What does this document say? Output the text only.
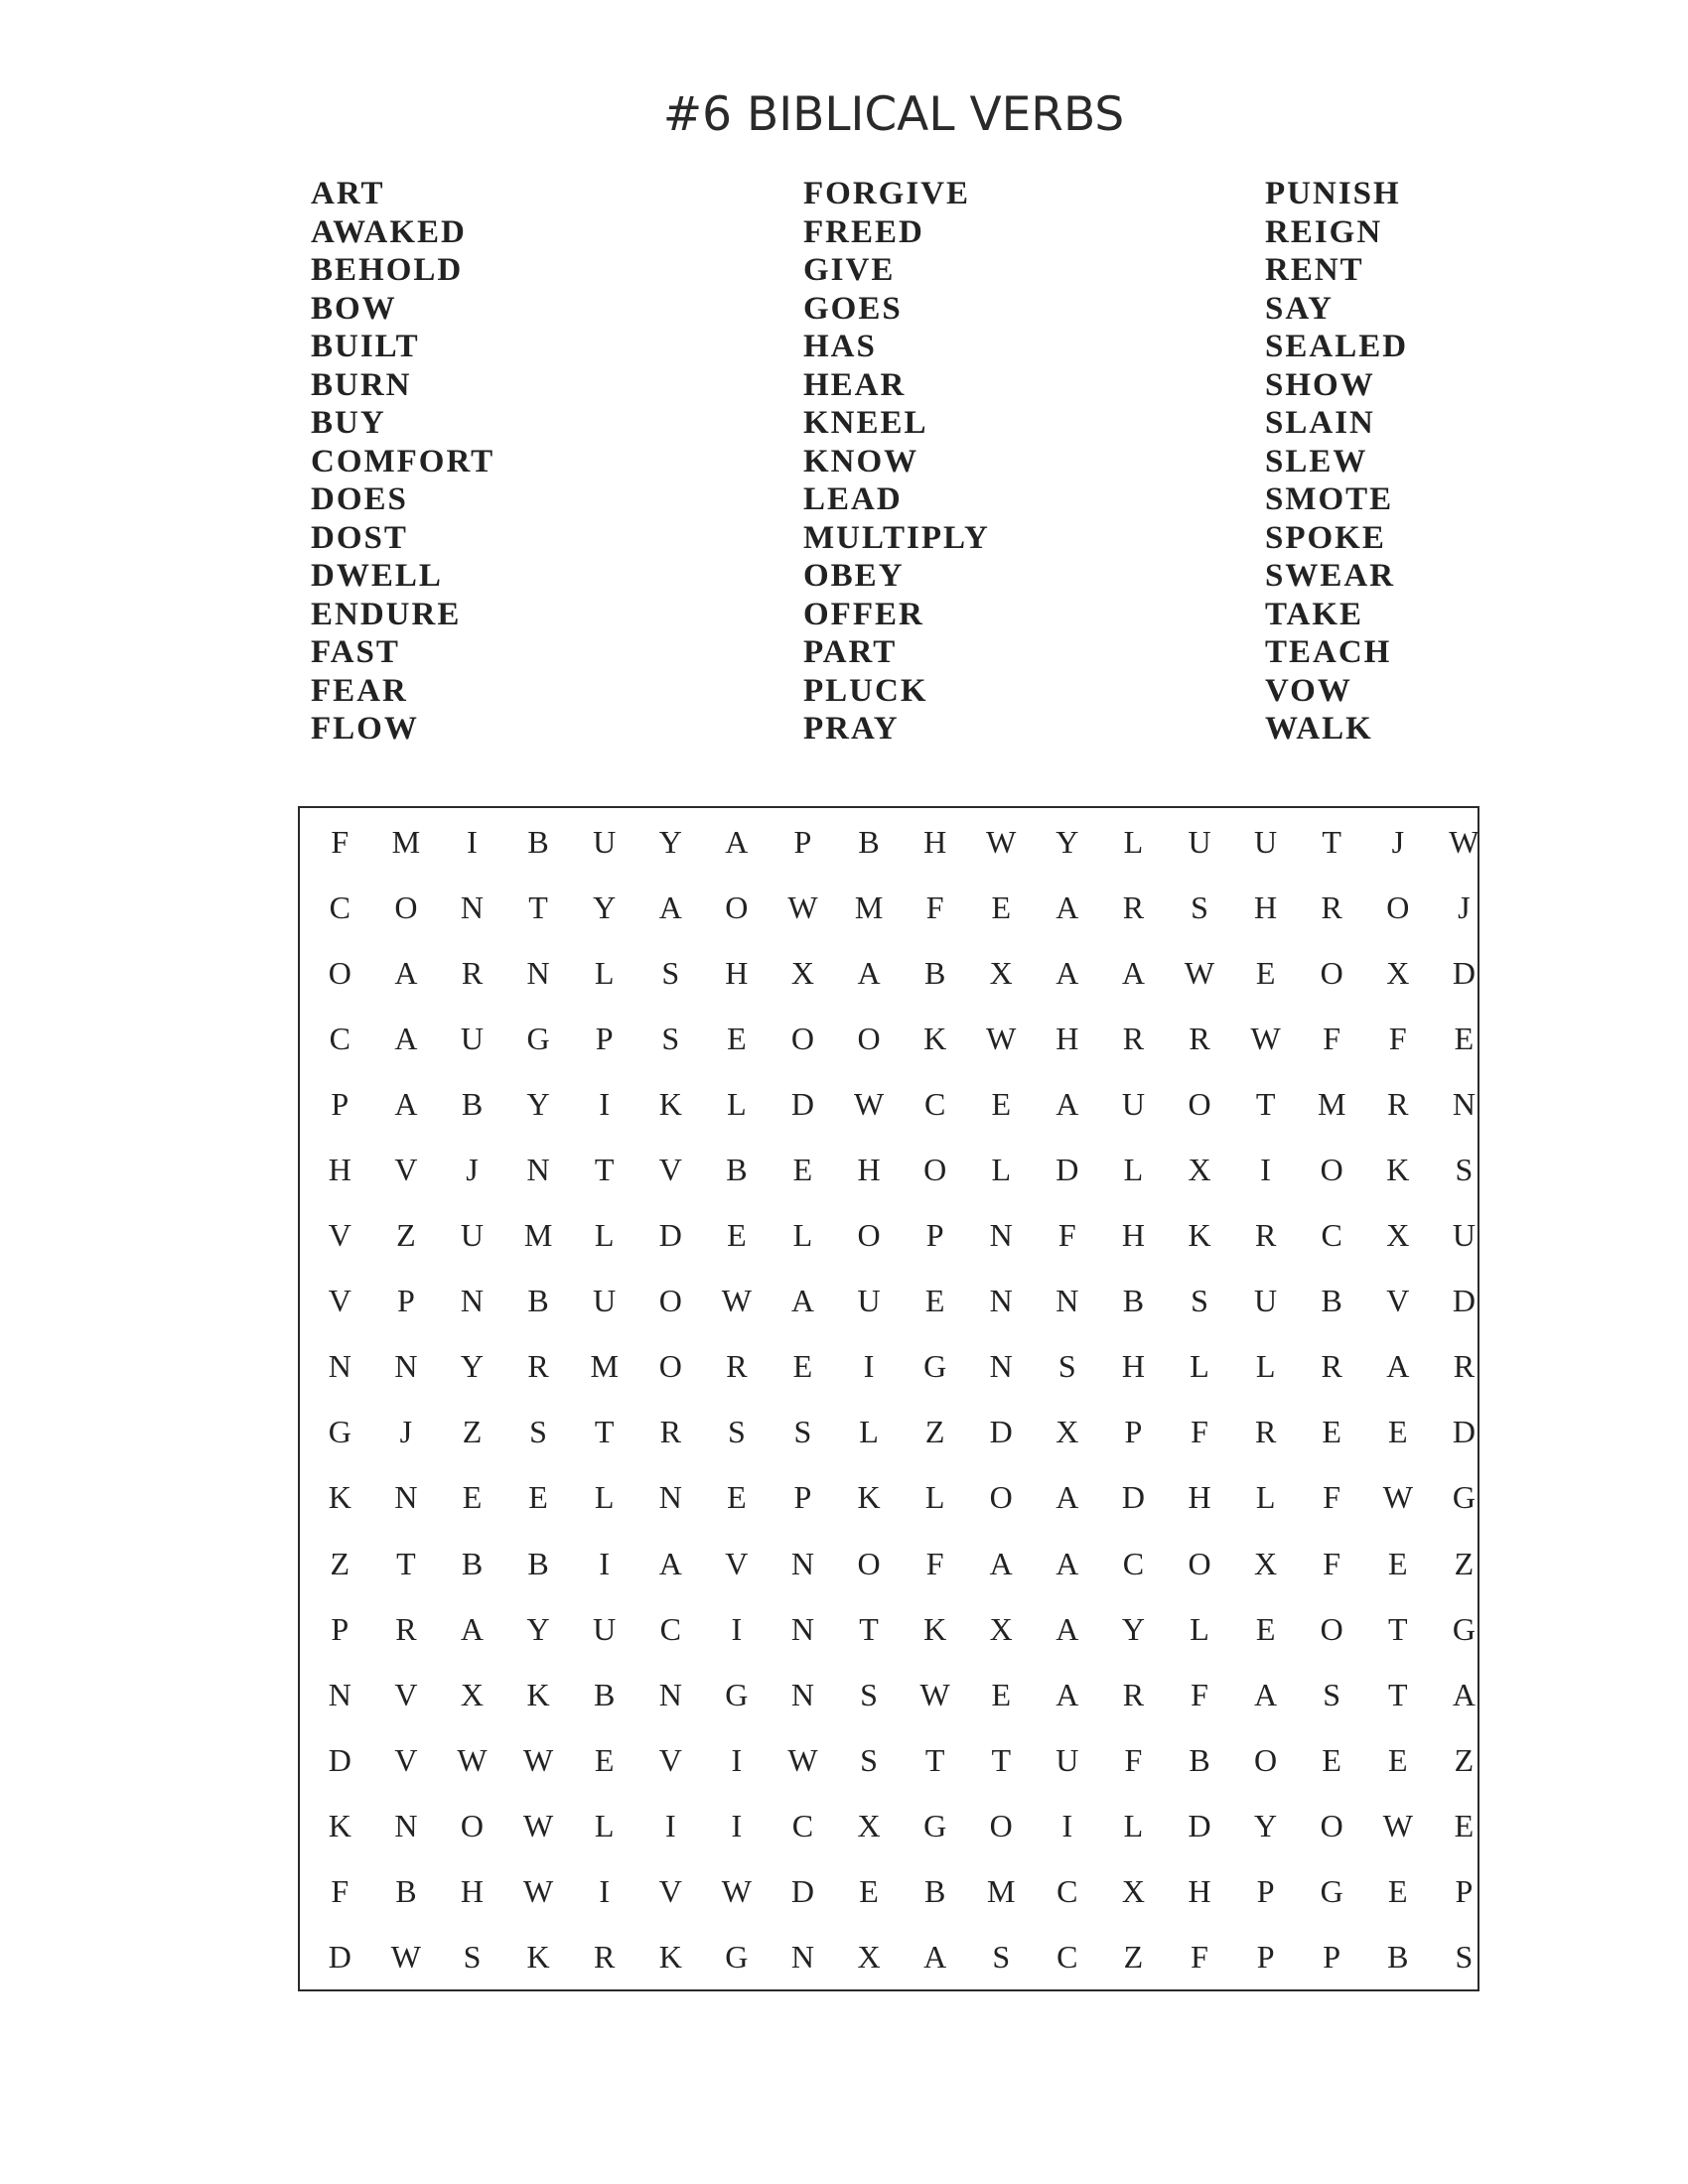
#6 BIBLICAL VERBS
ART
AWAKED
BEHOLD
BOW
BUILT
BURN
BUY
COMFORT
DOES
DOST
DWELL
ENDURE
FAST
FEAR
FLOW
FORGIVE
FREED
GIVE
GOES
HAS
HEAR
KNEEL
KNOW
LEAD
MULTIPLY
OBEY
OFFER
PART
PLUCK
PRAY
PUNISH
REIGN
RENT
SAY
SEALED
SHOW
SLAIN
SLEW
SMOTE
SPOKE
SWEAR
TAKE
TEACH
VOW
WALK
F	M	I	B	U	Y	A	P	B	H	W	Y	L	U	U	T	J	W
C	O	N	T	Y	A	O	W	M	F	E	A	R	S	H	R	O	J
O	A	R	N	L	S	H	X	A	B	X	A	A	W	E	O	X	D
C	A	U	G	P	S	E	O	O	K	W	H	R	R	W	F	F	E
P	A	B	Y	I	K	L	D	W	C	E	A	U	O	T	M	R	N
H	V	J	N	T	V	B	E	H	O	L	D	L	X	I	O	K	S
V	Z	U	M	L	D	E	L	O	P	N	F	H	K	R	C	X	U
V	P	N	B	U	O	W	A	U	E	N	N	B	S	U	B	V	D
N	N	Y	R	M	O	R	E	I	G	N	S	H	L	L	R	A	R
G	J	Z	S	T	R	S	S	L	Z	D	X	P	F	R	E	E	D
K	N	E	E	L	N	E	P	K	L	O	A	D	H	L	F	W	G
Z	T	B	B	I	A	V	N	O	F	A	A	C	O	X	F	E	Z
P	R	A	Y	U	C	I	N	T	K	X	A	Y	L	E	O	T	G
N	V	X	K	B	N	G	N	S	W	E	A	R	F	A	S	T	A
D	V	W	W	E	V	I	W	S	T	T	U	F	B	O	E	E	Z
K	N	O	W	L	I	I	C	X	G	O	I	L	D	Y	O	W	E
F	B	H	W	I	V	W	D	E	B	M	C	X	H	P	G	E	P
D	W	S	K	R	K	G	N	X	A	S	C	Z	F	P	P	B	S
